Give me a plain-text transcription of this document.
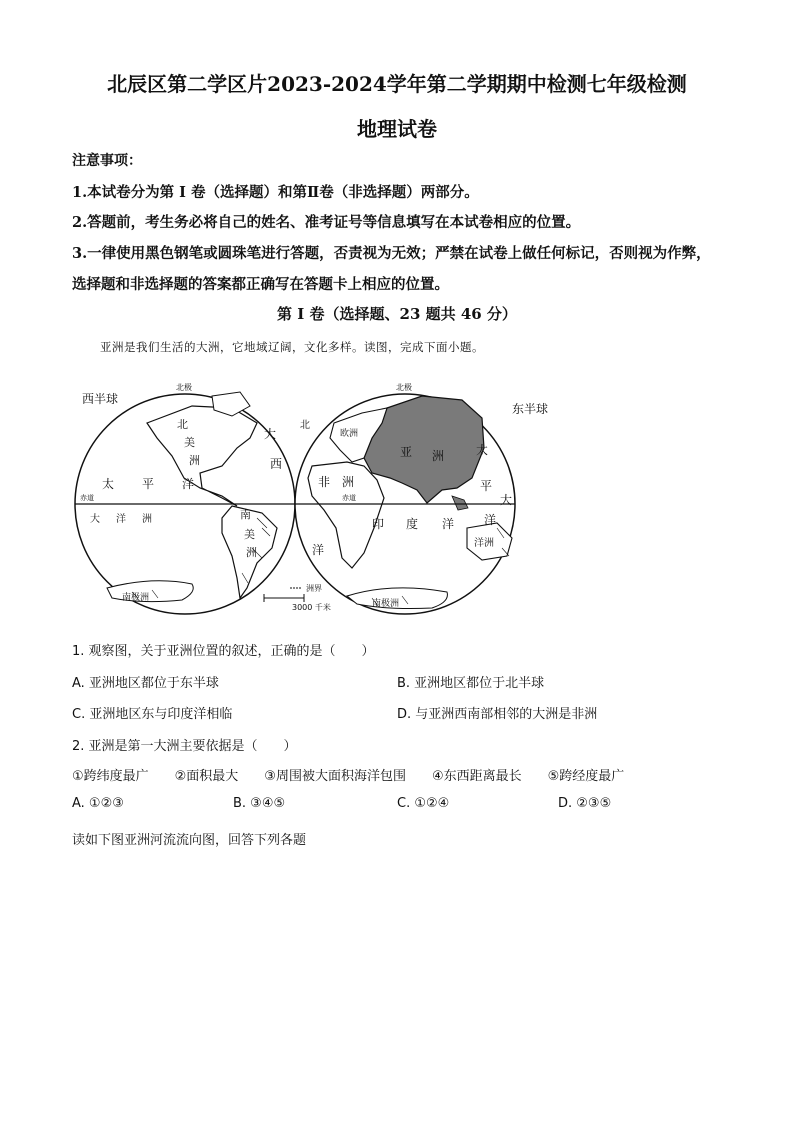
北辰区第二学区片2023-2024学年第二学期期中检测七年级检测
地理试卷
注意事项：
1.本试卷分为第 I 卷（选择题）和第Ⅱ卷（非选择题）两部分。
2.答题前，考生务必将自己的姓名、准考证号等信息填写在本试卷相应的位置。
3.一律使用黑色钢笔或圆珠笔进行答题，否责视为无效；严禁在试卷上做任何标记，否则视为作弊，选择题和非选择题的答案都正确写在答题卡上相应的位置。
第 I 卷（选择题、23 题共 46 分）
亚洲是我们生活的大洲，它地域辽阔，文化多样。读图，完成下面小题。
西半球
东半球
北极	北极
北
美
洲
南
美
洲
南极洲
南极洲
太 平 洋
大 洋 洲
大
西
洋
北
非 洲
欧洲
亚 洲
印 度 洋
太
平
大
洋
洋洲
赤道	赤道
洲界
3000 千米
1. 观察图，关于亚洲位置的叙述，正确的是（　　）
A. 亚洲地区都位于东半球	B. 亚洲地区都位于北半球
C. 亚洲地区东与印度洋相临	D. 与亚洲西南部相邻的大洲是非洲
2. 亚洲是第一大洲主要依据是（　　）
①跨纬度最广　　②面积最大　　③周围被大面积海洋包围　　④东西距离最长　　⑤跨经度最广
A. ①②③	B. ③④⑤	C. ①②④	D. ②③⑤
读如下图亚洲河流流向图，回答下列各题
